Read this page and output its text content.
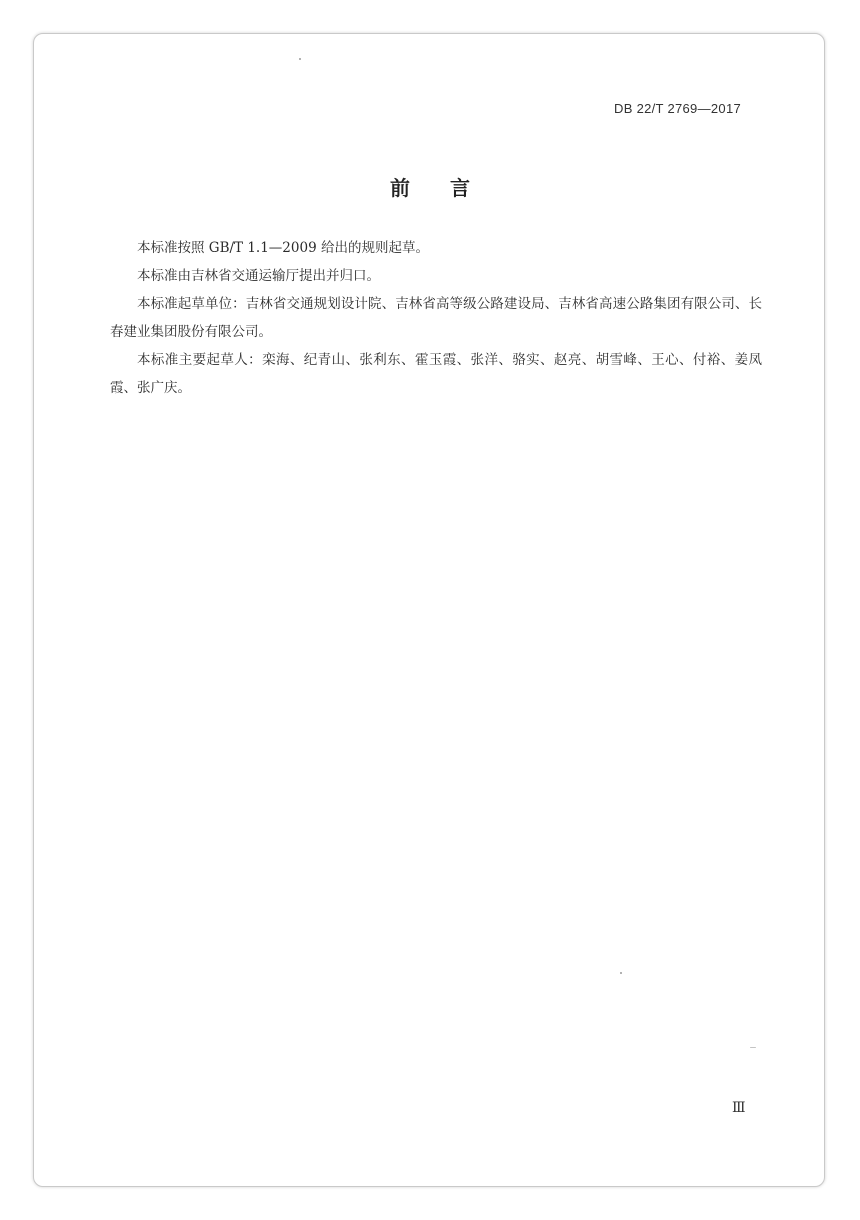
DB 22/T 2769—2017
前言

本标准按照 GB/T 1.1—2009 给出的规则起草。

本标准由吉林省交通运输厅提出并归口。

本标准起草单位：吉林省交通规划设计院、吉林省高等级公路建设局、吉林省高速公路集团有限公司、长春建业集团股份有限公司。

本标准主要起草人：栾海、纪青山、张利东、霍玉霞、张洋、骆实、赵亮、胡雪峰、王心、付裕、姜凤霞、张广庆。

Ⅲ
